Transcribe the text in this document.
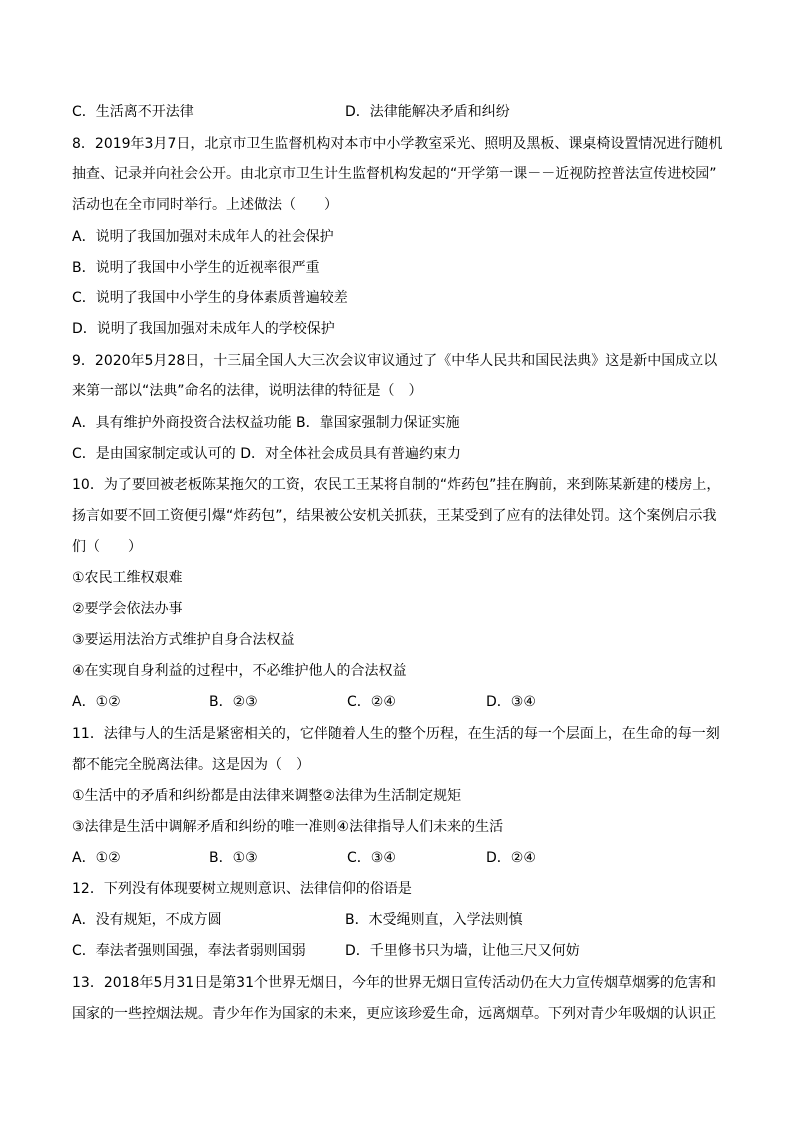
C．生活离不开法律	D．法律能解决矛盾和纠纷
8．2019年3月7日，北京市卫生监督机构对本市中小学教室采光、照明及黑板、课桌椅设置情况进行随机
抽查、记录并向社会公开。由北京市卫生计生监督机构发起的“开学第一课－－近视防控普法宣传进校园”
活动也在全市同时举行。上述做法（　　）
A．说明了我国加强对未成年人的社会保护
B．说明了我国中小学生的近视率很严重
C．说明了我国中小学生的身体素质普遍较差
D．说明了我国加强对未成年人的学校保护
9．2020年5月28日，十三届全国人大三次会议审议通过了《中华人民共和国民法典》这是新中国成立以
来第一部以“法典”命名的法律，说明法律的特征是（　）
A．具有维护外商投资合法权益功能 B．靠国家强制力保证实施
C．是由国家制定或认可的 D．对全体社会成员具有普遍约束力
10．为了要回被老板陈某拖欠的工资，农民工王某将自制的“炸药包”挂在胸前，来到陈某新建的楼房上，
扬言如要不回工资便引爆“炸药包”，结果被公安机关抓获，王某受到了应有的法律处罚。这个案例启示我
们（　　）
①农民工维权艰难
②要学会依法办事
③要运用法治方式维护自身合法权益
④在实现自身利益的过程中，不必维护他人的合法权益
A．①②	B．②③	C．②④	D．③④
11．法律与人的生活是紧密相关的，它伴随着人生的整个历程，在生活的每一个层面上，在生命的每一刻
都不能完全脱离法律。这是因为（　）
①生活中的矛盾和纠纷都是由法律来调整②法律为生活制定规矩
③法律是生活中调解矛盾和纠纷的唯一准则④法律指导人们未来的生活
A．①②	B．①③	C．③④	D．②④
12．下列没有体现要树立规则意识、法律信仰的俗语是
A．没有规矩，不成方圆	B．木受绳则直，入学法则慎
C．奉法者强则国强，奉法者弱则国弱	D．千里修书只为墙，让他三尺又何妨
13．2018年5月31日是第31个世界无烟日，今年的世界无烟日宣传活动仍在大力宣传烟草烟雾的危害和
国家的一些控烟法规。青少年作为国家的未来，更应该珍爱生命，远离烟草。下列对青少年吸烟的认识正
